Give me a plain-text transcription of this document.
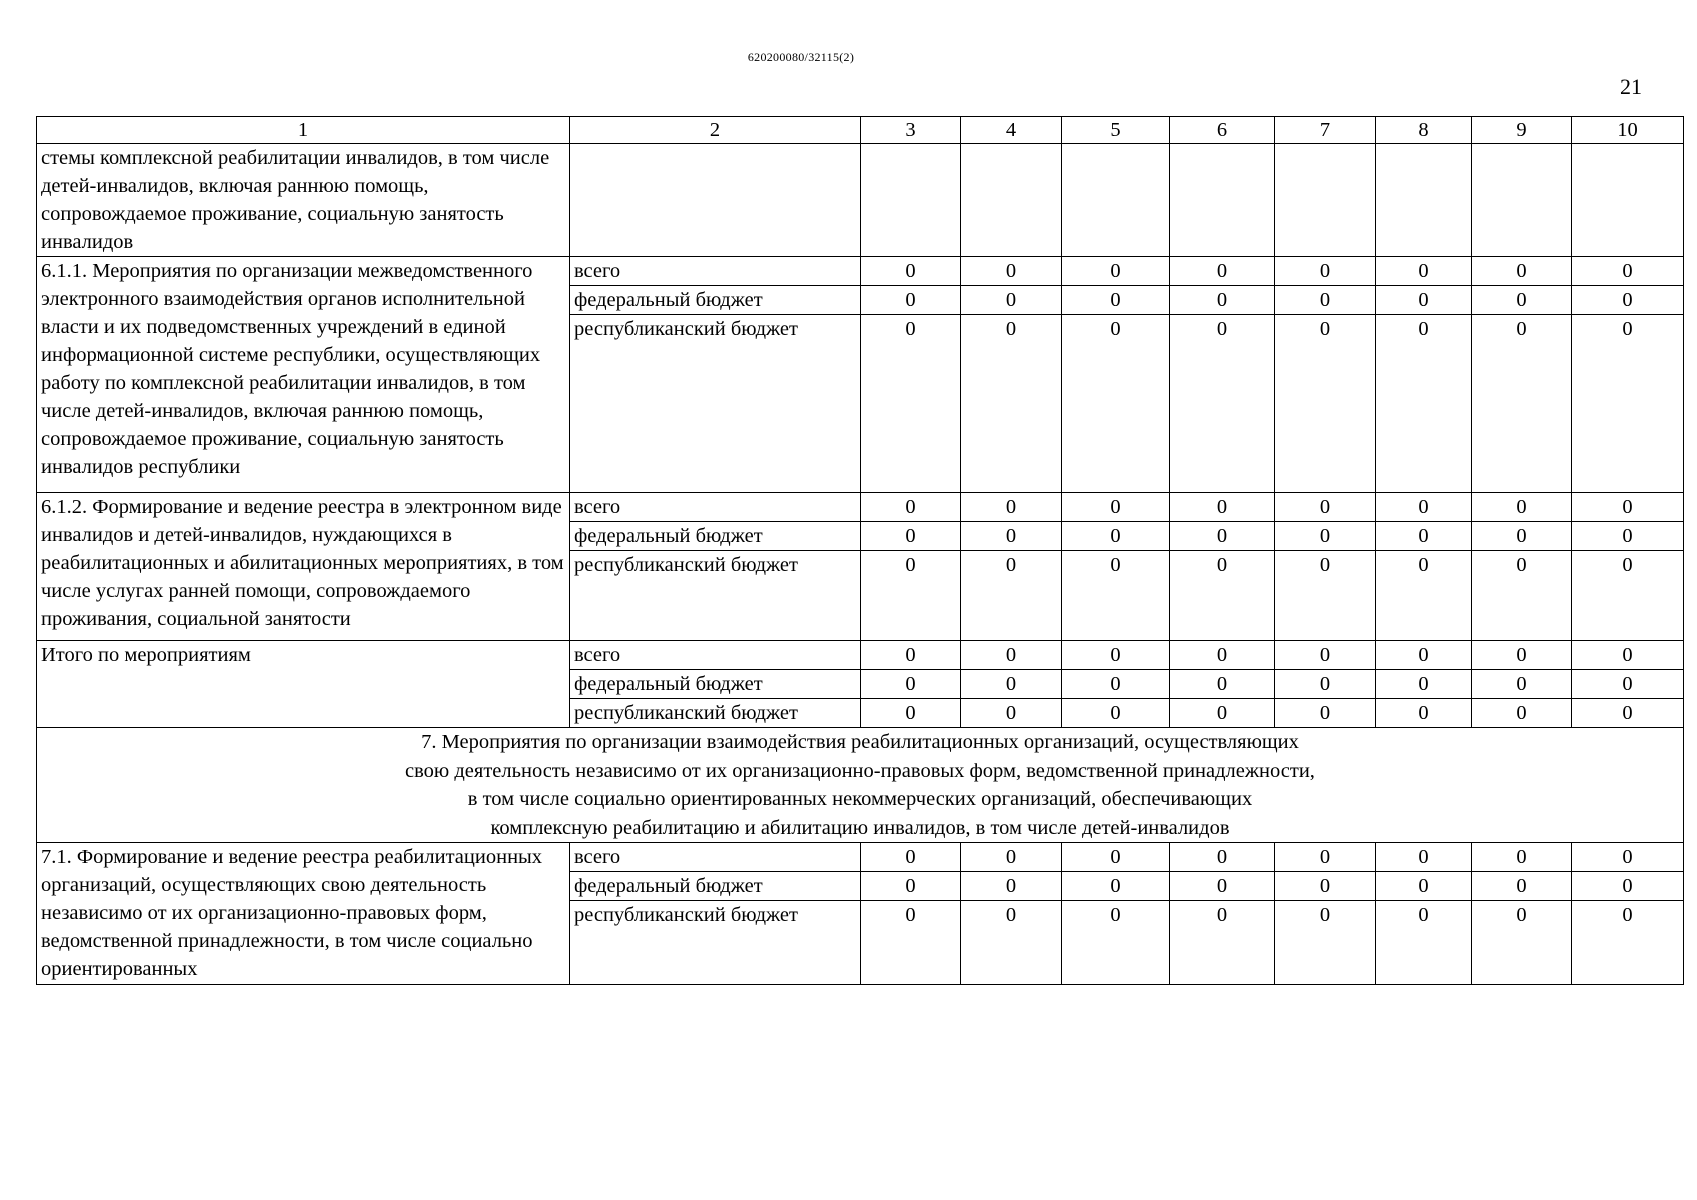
620200080/32115(2)
21
1	2	3	4	5	6	7	8	9	10
стемы комплексной реабилитации инвалидов, в том числе детей-инвалидов, включая раннюю помощь, сопровождаемое проживание, социальную занятость инвалидов									
6.1.1. Мероприятия по организации межведомственного электронного взаимодействия органов исполнительной власти и их подведомственных учреждений в единой информационной системе республики, осуществляющих работу по комплексной реабилитации инвалидов, в том числе детей-инвалидов, включая раннюю помощь, сопровождаемое проживание, социальную занятость инвалидов республики	всего	0	0	0	0	0	0	0	0
	федеральный бюджет	0	0	0	0	0	0	0	0
	республиканский бюджет	0	0	0	0	0	0	0	0
6.1.2. Формирование и ведение реестра в электронном виде инвалидов и детей-инвалидов, нуждающихся в реабилитационных и абилитационных мероприятиях, в том числе услугах ранней помощи, сопровождаемого проживания, социальной занятости	всего	0	0	0	0	0	0	0	0
	федеральный бюджет	0	0	0	0	0	0	0	0
	республиканский бюджет	0	0	0	0	0	0	0	0
Итого по мероприятиям	всего	0	0	0	0	0	0	0	0
	федеральный бюджет	0	0	0	0	0	0	0	0
	республиканский бюджет	0	0	0	0	0	0	0	0

7. Мероприятия по организации взаимодействия реабилитационных организаций, осуществляющих
свою деятельность независимо от их организационно-правовых форм, ведомственной принадлежности,
в том числе социально ориентированных некоммерческих организаций, обеспечивающих
комплексную реабилитацию и абилитацию инвалидов, в том числе детей-инвалидов									

7.1. Формирование и ведение реестра реабилитационных организаций, осуществляющих свою деятельность независимо от их организационно-правовых форм, ведомственной принадлежности, в том числе социально ориентированных	всего	0	0	0	0	0	0	0	0
	федеральный бюджет	0	0	0	0	0	0	0	0
	республиканский бюджет	0	0	0	0	0	0	0	0
